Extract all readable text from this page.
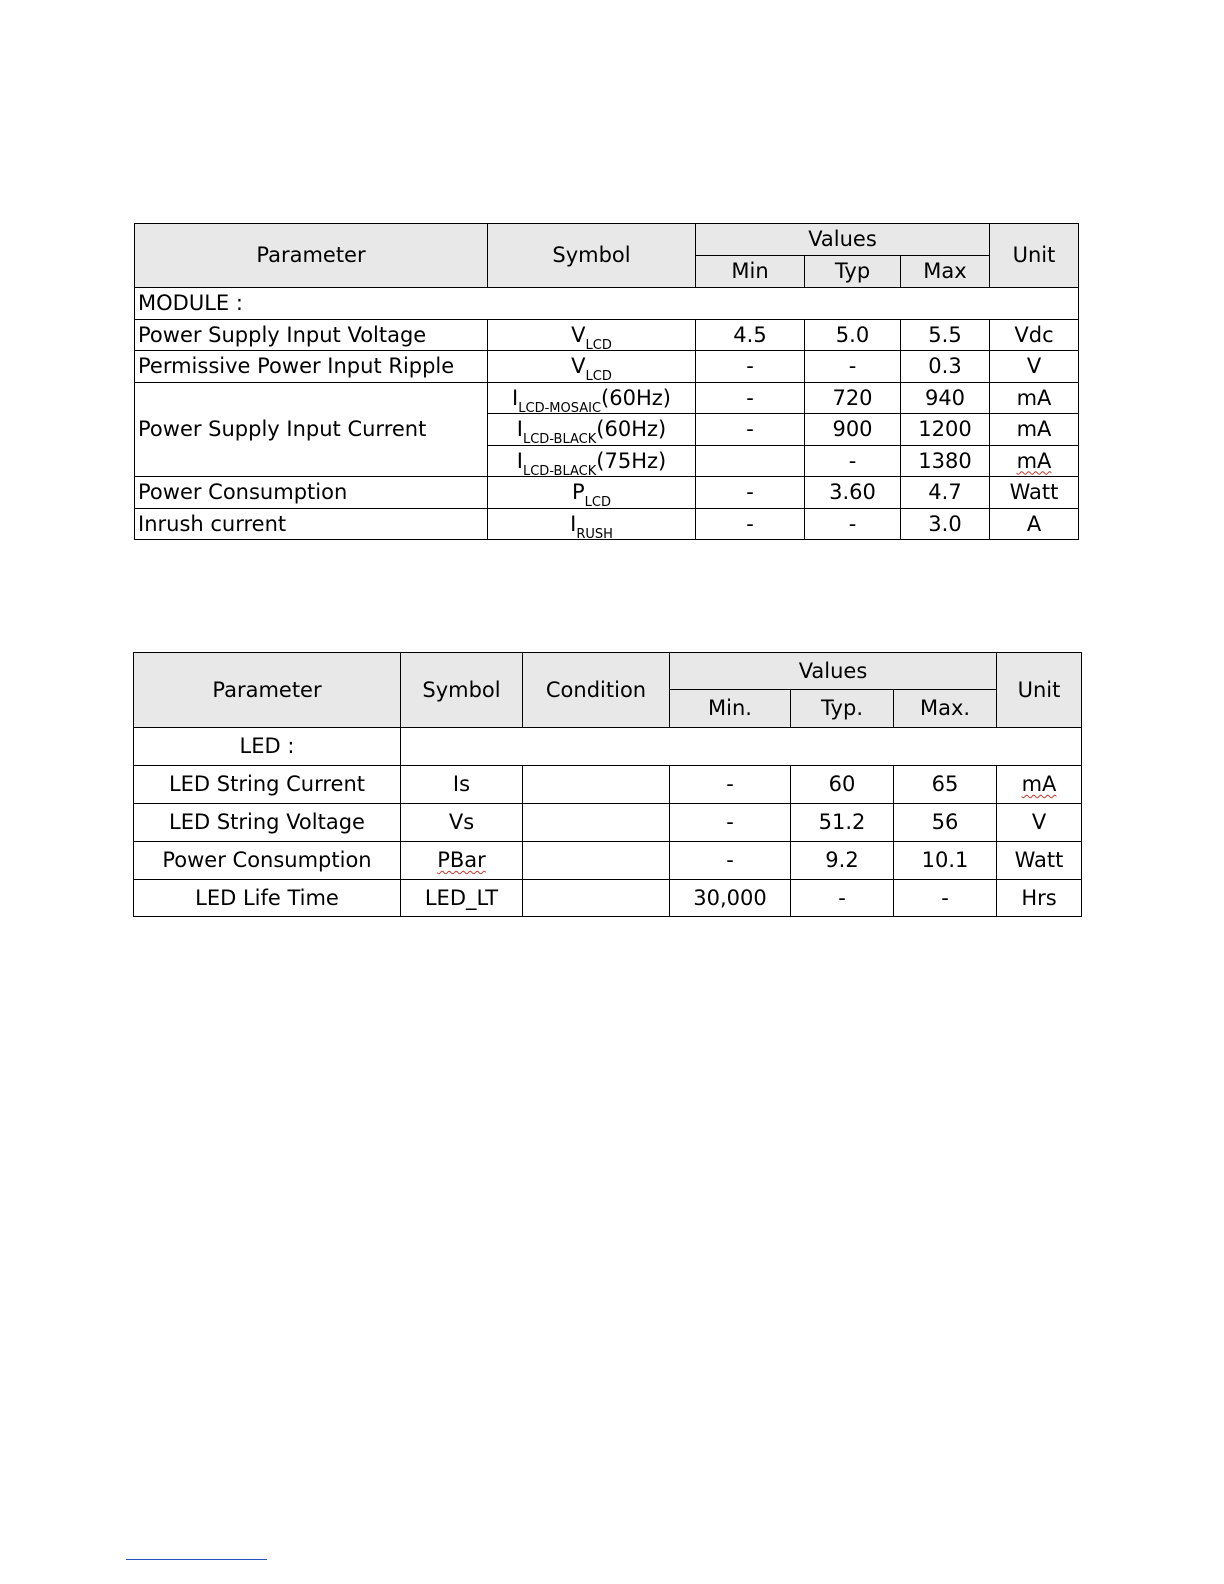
Parameter	Symbol	Values			Unit
		Min	Typ	Max	
MODULE :					
Power Supply Input Voltage	$V_{LCD}$	4.5	5.0	5.5	Vdc
Permissive Power Input Ripple	$V_{LCD}$	-	-	0.3	V
Power Supply Input Current	$I_{LCD-MOSAIC}(60Hz)$	-	720	940	mA
	$I_{LCD-BLACK}(60Hz)$	-	900	1200	mA
	$I_{LCD-BLACK}(75Hz)$		-	1380	mA
Power Consumption	$P_{LCD}$	-	3.60	4.7	Watt
Inrush current	$I_{RUSH}$	-	-	3.0	A
Parameter	Symbol	Condition	Values			Unit
			Min.	Typ.	Max.	
LED :						
LED String Current	Is		-	60	65	mA
LED String Voltage	Vs		-	51.2	56	V
Power Consumption	PBar		-	9.2	10.1	Watt
LED Life Time	LED_LT		30,000	-	-	Hrs
